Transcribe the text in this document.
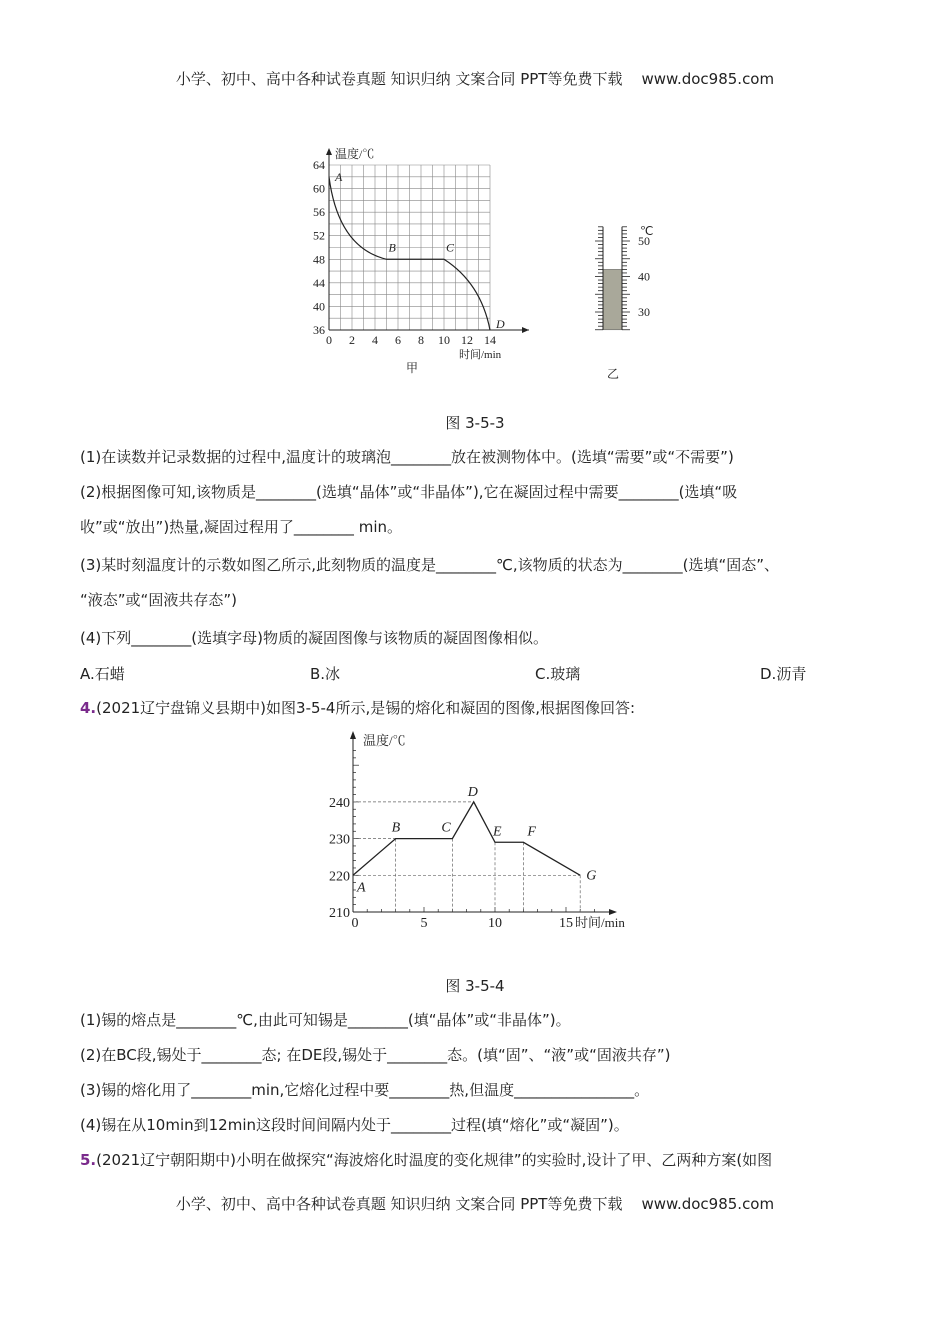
小学、初中、高中各种试卷真题 知识归纳 文案合同 PPT等免费下载    www.doc985.com
0 2 4 6 8 10 12 14
36
40
44
48
52
56
60
64
温度/℃
时间/min
甲
A
B	C
D
30
40
50
℃
乙
图 3-5-3
(1)在读数并记录数据的过程中,温度计的玻璃泡________放在被测物体中。(选填“需要”或“不需要”)
(2)根据图像可知,该物质是________(选填“晶体”或“非晶体”),它在凝固过程中需要________(选填“吸
收”或“放出”)热量,凝固过程用了________ min。
(3)某时刻温度计的示数如图乙所示,此刻物质的温度是________℃,该物质的状态为________(选填“固态”、
“液态”或“固液共存态”)
(4)下列________(选填字母)物质的凝固图像与该物质的凝固图像相似。
A.石蜡	B.冰	C.玻璃	D.沥青
4.(2021辽宁盘锦义县期中)如图3-5-4所示,是锡的熔化和凝固的图像,根据图像回答:
210
220
230
240
0	5	10	15
温度/℃
时间/min
A
B	C
D
E F
G
图 3-5-4
(1)锡的熔点是________℃,由此可知锡是________(填“晶体”或“非晶体”)。
(2)在BC段,锡处于________态; 在DE段,锡处于________态。(填“固”、“液”或“固液共存”)
(3)锡的熔化用了________min,它熔化过程中要________热,但温度________________。
(4)锡在从10min到12min这段时间间隔内处于________过程(填“熔化”或“凝固”)。
5.(2021辽宁朝阳期中)小明在做探究“海波熔化时温度的变化规律”的实验时,设计了甲、乙两种方案(如图
小学、初中、高中各种试卷真题 知识归纳 文案合同 PPT等免费下载    www.doc985.com
